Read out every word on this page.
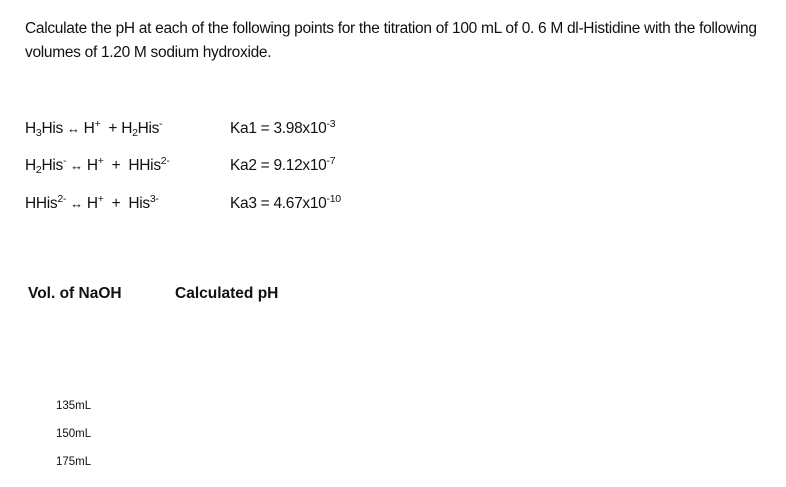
Calculate the pH at each of the following points for the titration of 100 mL of 0. 6 M dl-Histidine with the following volumes of 1.20 M sodium hydroxide.
$H_3His$ ↔ $H^+ + H_2His^-$	$Ka1 = 3.98x10^{-3}$
$H_2His^-$ ↔ H+  +  HHis$^{2-}$	$Ka2 = 9.12x10^{-7}$
HHis$^{2-}$ ↔ H+  +  His$^{3-}$	$Ka3 = 4.67x10^{-10}$
Vol. of NaOH	Calculated pH
135mL
150mL
175mL
